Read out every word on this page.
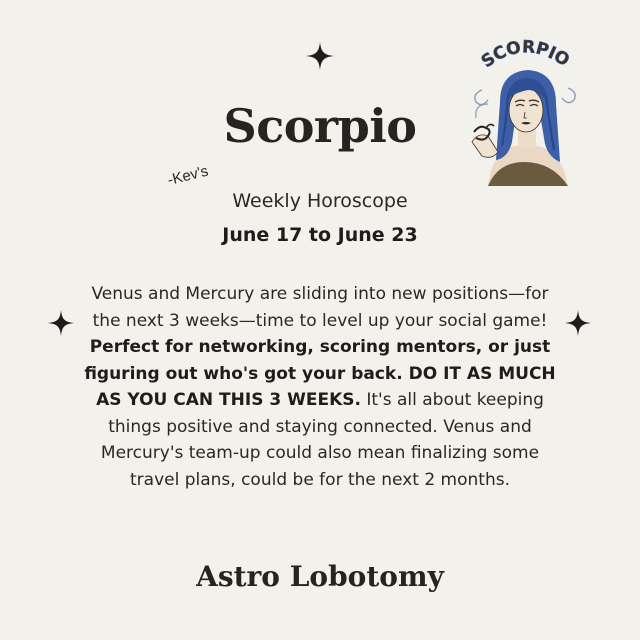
SCORPIO
Scorpio
-Kev's
Weekly Horoscope
June 17 to June 23
Venus and Mercury are sliding into new positions—for the next 3 weeks—time to level up your social game! Perfect for networking, scoring mentors, or just figuring out who's got your back. DO IT AS MUCH AS YOU CAN THIS 3 WEEKS. It's all about keeping things positive and staying connected. Venus and Mercury's team-up could also mean finalizing some travel plans, could be for the next 2 months.
Astro Lobotomy
